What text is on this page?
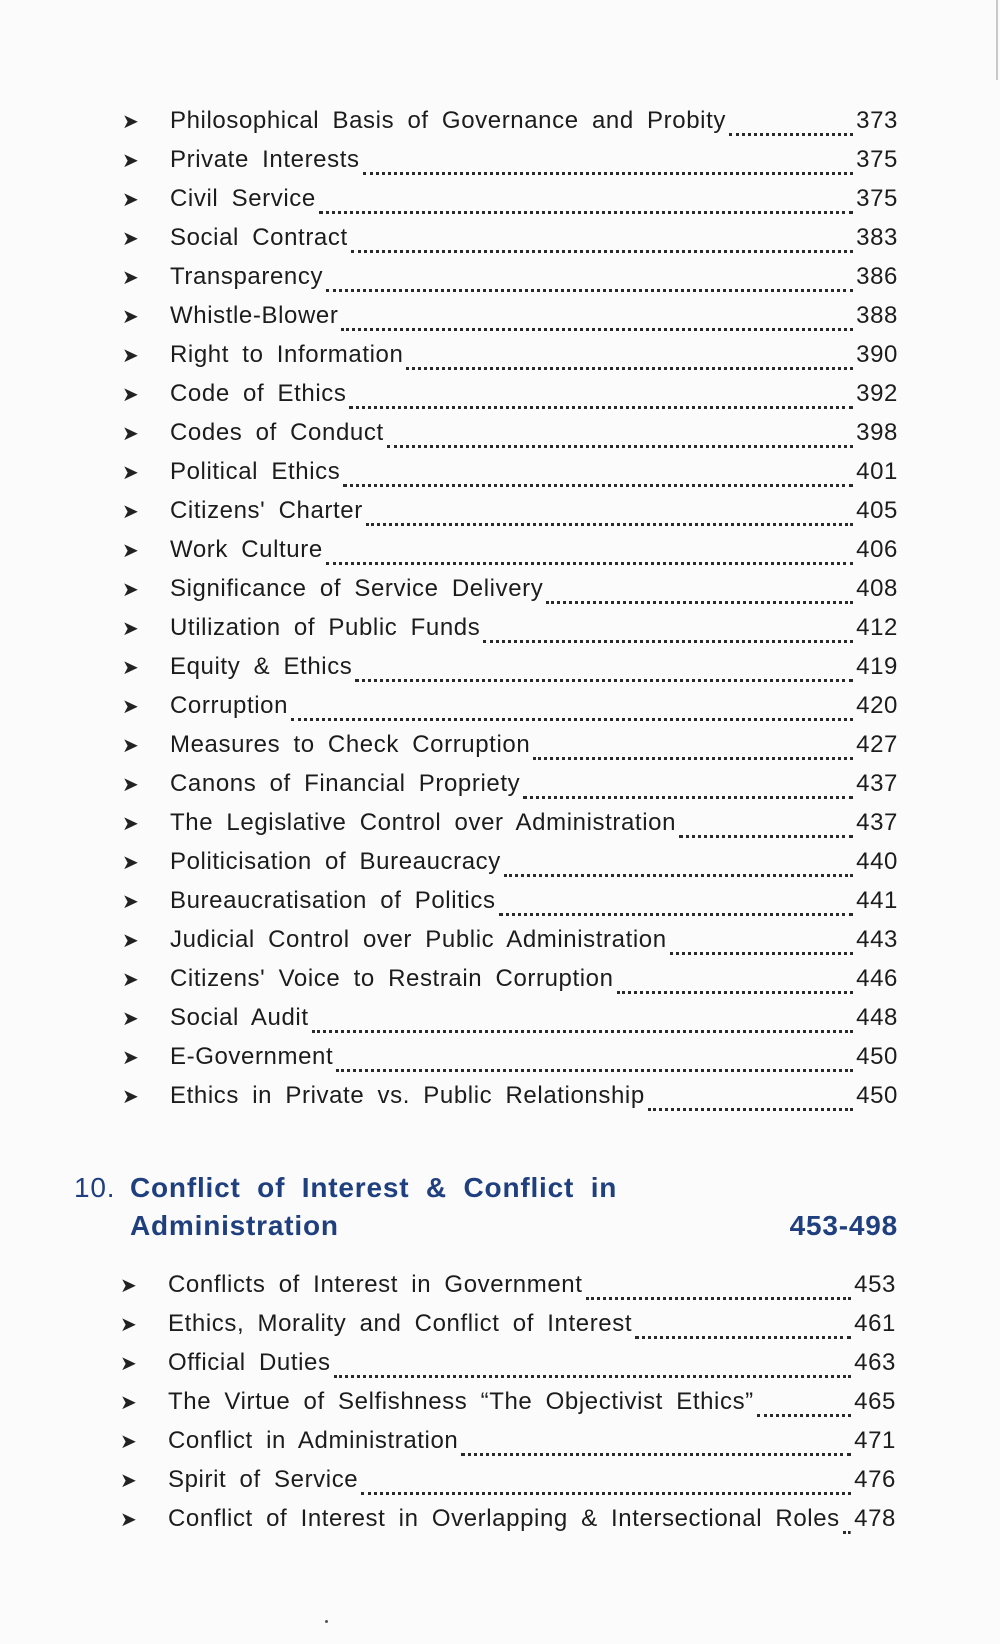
➤	Philosophical Basis of Governance and Probity	373
➤	Private Interests	375
➤	Civil Service	375
➤	Social Contract	383
➤	Transparency	386
➤	Whistle-Blower	388
➤	Right to Information	390
➤	Code of Ethics	392
➤	Codes of Conduct	398
➤	Political Ethics	401
➤	Citizens' Charter	405
➤	Work Culture	406
➤	Significance of Service Delivery	408
➤	Utilization of Public Funds	412
➤	Equity & Ethics	419
➤	Corruption	420
➤	Measures to Check Corruption	427
➤	Canons of Financial Propriety	437
➤	The Legislative Control over Administration	437
➤	Politicisation of Bureaucracy	440
➤	Bureaucratisation of Politics	441
➤	Judicial Control over Public Administration	443
➤	Citizens' Voice to Restrain Corruption	446
➤	Social Audit	448
➤	E-Government	450
➤	Ethics in Private vs. Public Relationship	450
10. Conflict of Interest & Conflict in
Administration	453-498
➤	Conflicts of Interest in Government	453
➤	Ethics, Morality and Conflict of Interest	461
➤	Official Duties	463
➤	The Virtue of Selfishness “The Objectivist Ethics”	465
➤	Conflict in Administration	471
➤	Spirit of Service	476
➤	Conflict of Interest in Overlapping & Intersectional Roles 478
